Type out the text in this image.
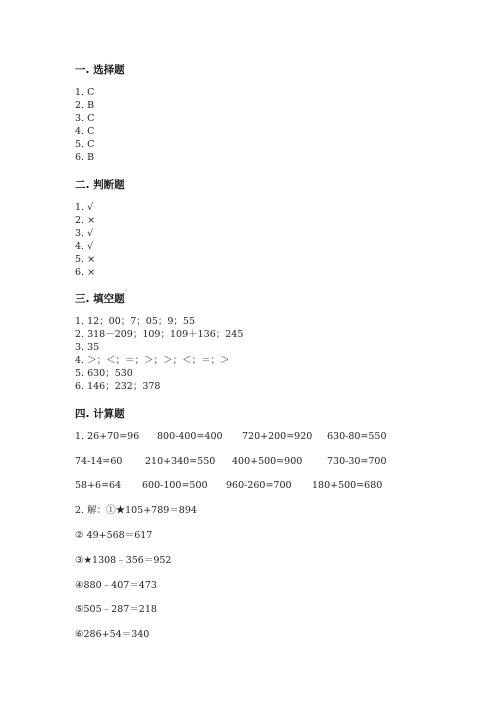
一. 选择题
1. C
2. B
3. C
4. C
5. C
6. B
二. 判断题
1. √
2. ×
3. √
4. √
5. ×
6. ×
三. 填空题
1. 12；00；7；05；9；55
2. 318－209；109；109＋136；245
3. 35
4. ＞；＜；＝；＞；＞；＜；＝；＞
5. 630；530
6. 146；232；378
四. 计算题
1. 26+70=96 800-400=400 720+200=920 630-80=550
74-14=60 210+340=550 400+500=900	730-30=700
58+6=64 600-100=500 960-260=700 180+500=680
2. 解：①★105+789＝894
② 49+568＝617
③★1308﹣356＝952
④880﹣407＝473
⑤505﹣287＝218
⑥286+54＝340
